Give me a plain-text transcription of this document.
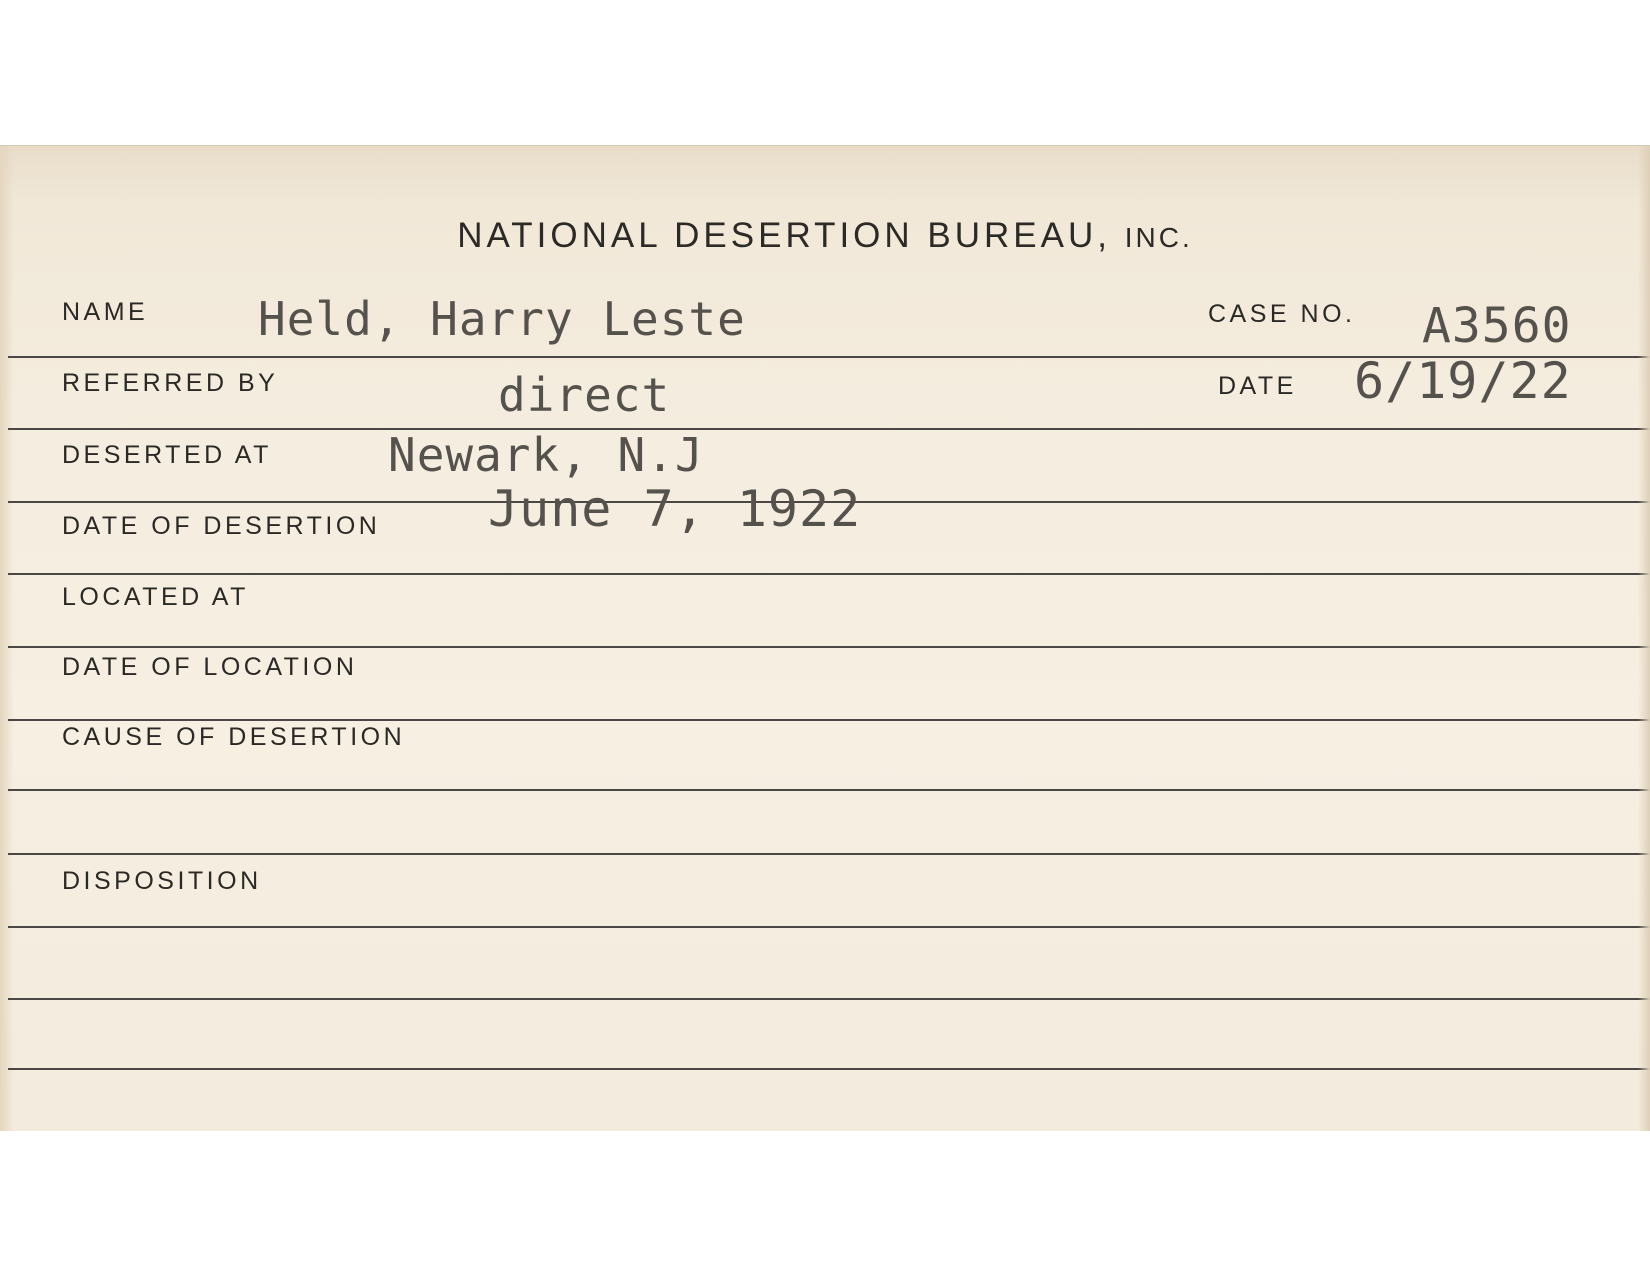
NATIONAL DESERTION BUREAU, INC.
NAME Held, Harry Leste	CASE NO. A3560
REFERRED BY	direct	DATE 6/19/22
DESERTED AT	Newark, N.J
DATE OF DESERTION June 7, 1922
LOCATED AT
DATE OF LOCATION
CAUSE OF DESERTION
DISPOSITION
